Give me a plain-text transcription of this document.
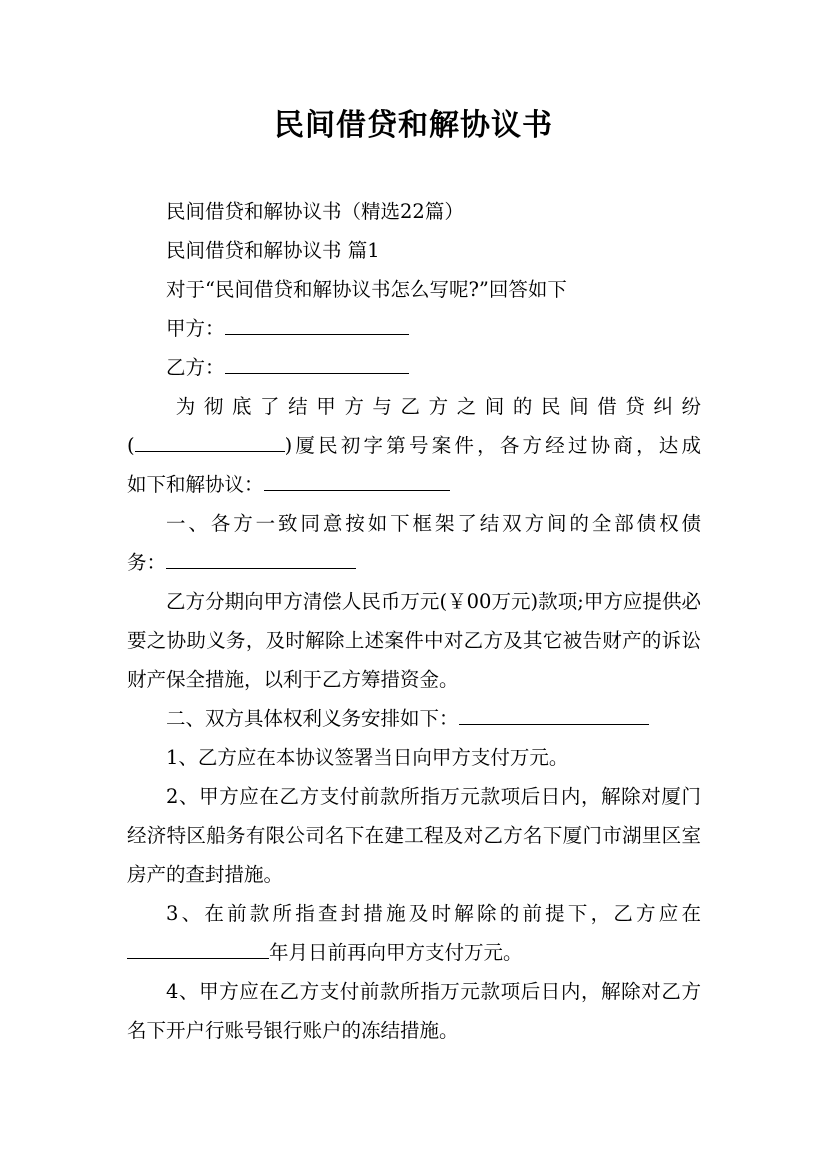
民间借贷和解协议书

民间借贷和解协议书（精选22篇）

民间借贷和解协议书 篇1

对于“民间借贷和解协议书怎么写呢?”回答如下

甲方：

乙方：

为彻底了结甲方与乙方之间的民间借贷纠纷

(	)厦民初字第号案件，各方经过协商，达成

如下和解协议：

一、各方一致同意按如下框架了结双方间的全部债权债

务：

乙方分期向甲方清偿人民币万元(￥00万元)款项;甲方应提供必要之协助义务，及时解除上述案件中对乙方及其它被告财产的诉讼财产保全措施，以利于乙方筹措资金。

二、双方具体权利义务安排如下：

1、乙方应在本协议签署当日向甲方支付万元。

2、甲方应在乙方支付前款所指万元款项后日内，解除对厦门经济特区船务有限公司名下在建工程及对乙方名下厦门市湖里区室房产的查封措施。

3、在前款所指查封措施及时解除的前提下，乙方应在

年月日前再向甲方支付万元。

4、甲方应在乙方支付前款所指万元款项后日内，解除对乙方名下开户行账号银行账户的冻结措施。
